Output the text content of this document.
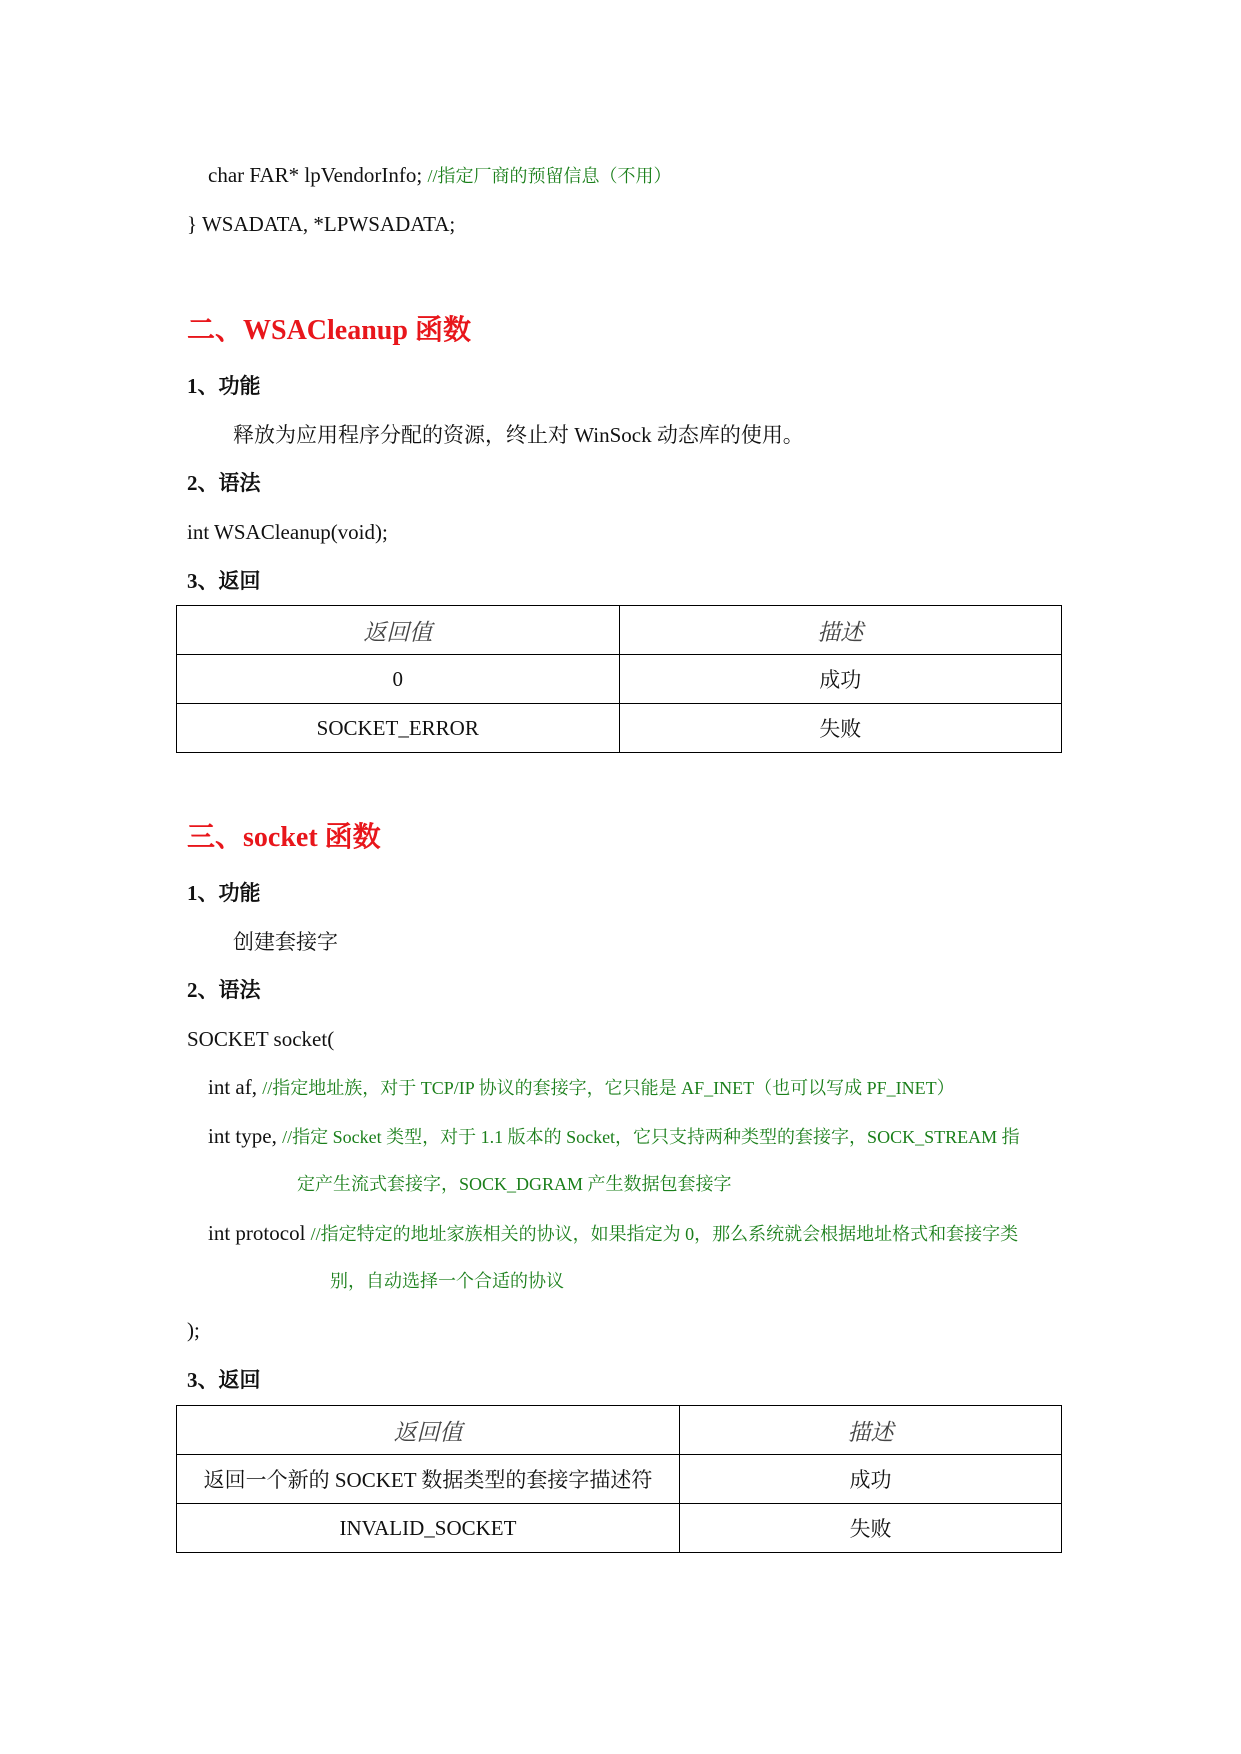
char FAR* lpVendorInfo; //指定厂商的预留信息（不用）
} WSADATA, *LPWSADATA;
二、WSACleanup 函数
1、功能
释放为应用程序分配的资源，终止对 WinSock 动态库的使用。
2、语法
int WSACleanup(void);
3、返回
返回值	描述
0	成功
SOCKET_ERROR	失败
三、socket 函数
1、功能
创建套接字
2、语法
SOCKET socket(
int af, //指定地址族，对于 TCP/IP 协议的套接字，它只能是 AF_INET（也可以写成 PF_INET）
int type, //指定 Socket 类型，对于 1.1 版本的 Socket，它只支持两种类型的套接字，SOCK_STREAM 指
定产生流式套接字，SOCK_DGRAM 产生数据包套接字
int protocol //指定特定的地址家族相关的协议，如果指定为 0，那么系统就会根据地址格式和套接字类
别，自动选择一个合适的协议
);
3、返回
返回值	描述
返回一个新的 SOCKET 数据类型的套接字描述符	成功
INVALID_SOCKET	失败
